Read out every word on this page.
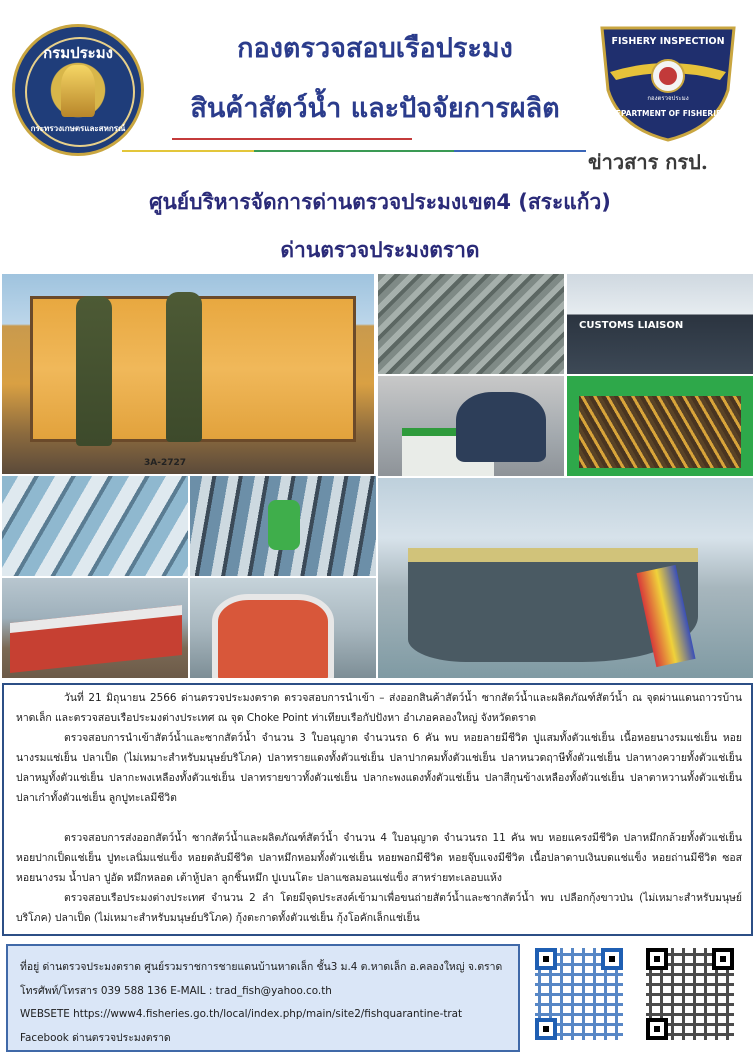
กรมประมง
กระทรวงเกษตรและสหกรณ์
กองตรวจสอบเรือประมง
สินค้าสัตว์น้ำ และปัจจัยการผลิต
FISHERY INSPECTION
กองตรวจประมง
DEPARTMENT OF FISHERIES
ข่าวสาร กรป.
ศูนย์บริหารจัดการด่านตรวจประมงเขต4 (สระแก้ว)
ด่านตรวจประมงตราด
3A-2727
CUSTOMS LIAISON

วันที่ 21 มิถุนายน 2566 ด่านตรวจประมงตราด ตรวจสอบการนำเข้า – ส่งออกสินค้าสัตว์น้ำ ซากสัตว์น้ำและผลิตภัณฑ์สัตว์น้ำ ณ จุดผ่านแดนถาวรบ้านหาดเล็ก และตรวจสอบเรือประมงต่างประเทศ ณ จุด Choke Point ท่าเทียบเรือกัปปังหา อำเภอคลองใหญ่ จังหวัดตราด

ตรวจสอบการนำเข้าสัตว์น้ำและซากสัตว์น้ำ จำนวน 3 ใบอนุญาต จำนวนรถ 6 คัน พบ หอยลายมีชีวิต ปูแสมทั้งตัวแช่เย็น เนื้อหอยนางรมแช่เย็น หอยนางรมแช่เย็น ปลาเป็ด (ไม่เหมาะสำหรับมนุษย์บริโภค) ปลาทรายแดงทั้งตัวแช่เย็น ปลาปากคมทั้งตัวแช่เย็น ปลาหนวดฤาษีทั้งตัวแช่เย็น ปลาหางควายทั้งตัวแช่เย็น ปลาหมูทั้งตัวแช่เย็น ปลากะพงเหลืองทั้งตัวแช่เย็น ปลาทรายขาวทั้งตัวแช่เย็น ปลากะพงแดงทั้งตัวแช่เย็น ปลาสีกุนข้างเหลืองทั้งตัวแช่เย็น ปลาตาหวานทั้งตัวแช่เย็น ปลาเก๋าทั้งตัวแช่เย็น ลูกปูทะเลมีชีวิต

ตรวจสอบการส่งออกสัตว์น้ำ ซากสัตว์น้ำและผลิตภัณฑ์สัตว์น้ำ จำนวน 4 ใบอนุญาต จำนวนรถ 11 คัน พบ หอยแครงมีชีวิต ปลาหมึกกล้วยทั้งตัวแช่เย็น หอยปากเป็ดแช่เย็น ปูทะเลนิ่มแช่แข็ง หอยตลับมีชีวิต ปลาหมึกหอมทั้งตัวแช่เย็น หอยพอกมีชีวิต หอยจุ๊บแจงมีชีวิต เนื้อปลาดาบเงินบดแช่แข็ง หอยถ่านมีชีวิต ซอสหอยนางรม น้ำปลา ปูอัด หมึกหลอด เต้าหู้ปลา ลูกชิ้นหมึก ปูเบนโตะ ปลาแซลมอนแช่แข็ง สาหร่ายทะเลอบแห้ง

ตรวจสอบเรือประมงต่างประเทศ จำนวน 2 ลำ โดยมีจุดประสงค์เข้ามาเพื่อขนถ่ายสัตว์น้ำและซากสัตว์น้ำ พบ เปลือกกุ้งขาวป่น (ไม่เหมาะสำหรับมนุษย์บริโภค) ปลาเป็ด (ไม่เหมาะสำหรับมนุษย์บริโภค) กุ้งตะกาดทั้งตัวแช่เย็น กุ้งโอคักเล็กแช่เย็น

ที่อยู่ ด่านตรวจประมงตราด ศูนย์รวมราชการชายแดนบ้านหาดเล็ก ชั้น3 ม.4 ต.หาดเล็ก อ.คลองใหญ่ จ.ตราด
โทรศัพท์/โทรสาร 039 588 136 E-MAIL : trad_fish@yahoo.co.th
WEBSETE https://www4.fisheries.go.th/local/index.php/main/site2/fishquarantine-trat
Facebook ด่านตรวจประมงตราด
